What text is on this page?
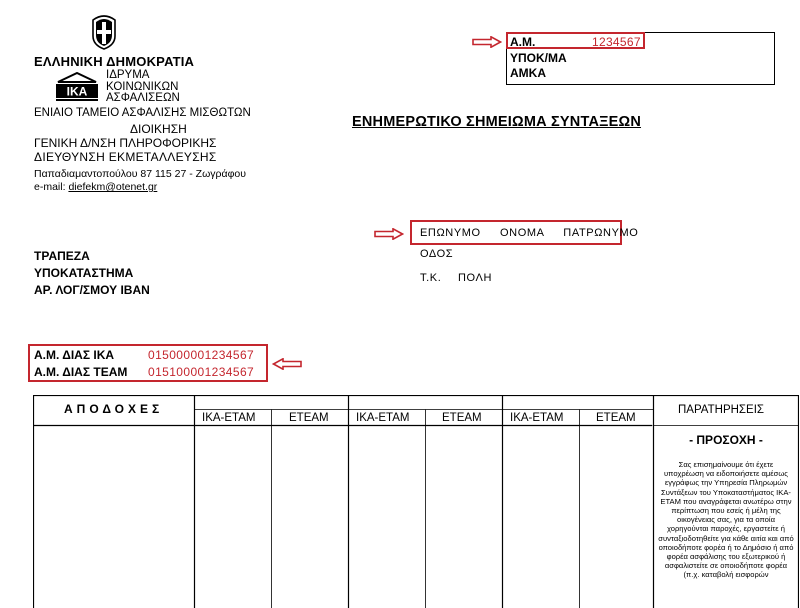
ΕΛΛΗΝΙΚΗ ΔΗΜΟΚΡΑΤΙΑ
ΙΚΑ
ΙΔΡΥΜΑ
ΚΟΙΝΩΝΙΚΩΝ
ΑΣΦΑΛΙΣΕΩΝ
ΕΝΙΑΙΟ ΤΑΜΕΙΟ ΑΣΦΑΛΙΣΗΣ ΜΙΣΘΩΤΩΝ
ΔΙΟΙΚΗΣΗ
ΓΕΝΙΚΗ Δ/ΝΣΗ ΠΛΗΡΟΦΟΡΙΚΗΣ
ΔΙΕΥΘΥΝΣΗ ΕΚΜΕΤΑΛΛΕΥΣΗΣ
Παπαδιαμαντοπούλου 87 115 27 - Ζωγράφου
e-mail: diefekm@otenet.gr
Α.Μ.	1234567
ΥΠΟΚ/ΜΑ
ΑΜΚΑ
ΕΝΗΜΕΡΩΤΙΚΟ ΣΗΜΕΙΩΜΑ ΣΥΝΤΑΞΕΩΝ
ΕΠΩΝΥΜΟ  ΟΝΟΜΑ  ΠΑΤΡΩΝΥΜΟ
ΟΔΟΣ
Τ.Κ. ΠΟΛΗ
ΤΡΑΠΕΖΑ
ΥΠΟΚΑΤΑΣΤΗΜΑ
ΑΡ. ΛΟΓ/ΣΜΟΥ ΙΒΑΝ
Α.Μ. ΔΙΑΣ ΙΚΑ	015000001234567
Α.Μ. ΔΙΑΣ ΤΕΑΜ 015100001234567
ΑΠΟΔΟΧΕΣ	ΠΑΡΑΤΗΡΗΣΕΙΣ
ΙΚΑ-ΕΤΑΜ	ΕΤΕΑΜ ΙΚΑ-ΕΤΑΜ	ΕΤΕΑΜ ΙΚΑ-ΕΤΑΜ	ΕΤΕΑΜ
- ΠΡΟΣΟΧΗ -
Σας επισημαίνουμε ότι έχετε υποχρέωση να ειδοποιήσετε αμέσως εγγράφως την Υπηρεσία Πληρωμών Συντάξεων του Υποκαταστήματος ΙΚΑ-ΕΤΑΜ που αναγράφεται ανωτέρω στην περίπτωση που εσείς ή μέλη της οικογένειας σας, για τα οποία χορηγούνται παροχές, εργαστείτε ή συνταξιοδοτηθείτε για κάθε αιτία και από οποιοδήποτε φορέα ή το Δημόσιο ή από φορέα ασφάλισης του εξωτερικού ή ασφαλιστείτε σε οποιοδήποτε φορέα (π.χ. καταβολή εισφορών
